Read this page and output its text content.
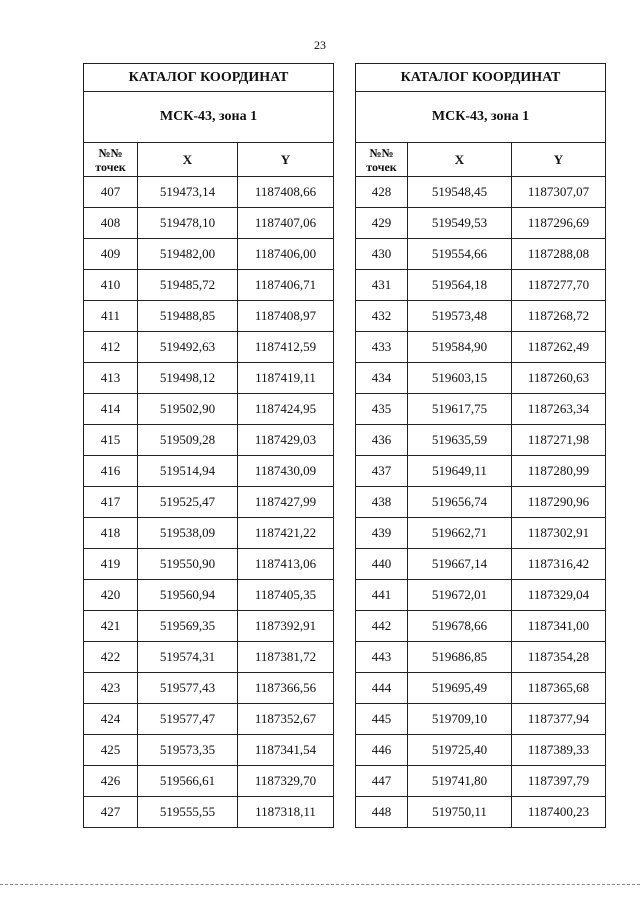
23
КАТАЛОГ КООРДИНАТ		
МСК-43, зона 1		
№№
точек	X	Y
407	519473,14	1187408,66
408	519478,10	1187407,06
409	519482,00	1187406,00
410	519485,72	1187406,71
411	519488,85	1187408,97
412	519492,63	1187412,59
413	519498,12	1187419,11
414	519502,90	1187424,95
415	519509,28	1187429,03
416	519514,94	1187430,09
417	519525,47	1187427,99
418	519538,09	1187421,22
419	519550,90	1187413,06
420	519560,94	1187405,35
421	519569,35	1187392,91
422	519574,31	1187381,72
423	519577,43	1187366,56
424	519577,47	1187352,67
425	519573,35	1187341,54
426	519566,61	1187329,70
427	519555,55	1187318,11
КАТАЛОГ КООРДИНАТ		
МСК-43, зона 1		
№№
точек	X	Y
428	519548,45	1187307,07
429	519549,53	1187296,69
430	519554,66	1187288,08
431	519564,18	1187277,70
432	519573,48	1187268,72
433	519584,90	1187262,49
434	519603,15	1187260,63
435	519617,75	1187263,34
436	519635,59	1187271,98
437	519649,11	1187280,99
438	519656,74	1187290,96
439	519662,71	1187302,91
440	519667,14	1187316,42
441	519672,01	1187329,04
442	519678,66	1187341,00
443	519686,85	1187354,28
444	519695,49	1187365,68
445	519709,10	1187377,94
446	519725,40	1187389,33
447	519741,80	1187397,79
448	519750,11	1187400,23
